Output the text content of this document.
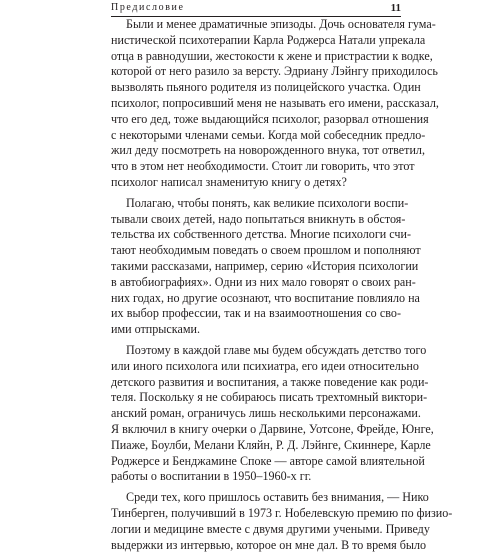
Предисловие	11
Были и менее драматичные эпизоды. Дочь основателя гума-
нистической психотерапии Карла Роджерса Натали упрекала
отца в равнодушии, жестокости к жене и пристрастии к водке,
которой от него разило за версту. Эдриану Лэйнгу приходилось
вызволять пьяного родителя из полицейского участка. Один
психолог, попросивший меня не называть его имени, рассказал,
что его дед, тоже выдающийся психолог, разорвал отношения
с некоторыми членами семьи. Когда мой собеседник предло-
жил деду посмотреть на новорожденного внука, тот ответил,
что в этом нет необходимости. Стоит ли говорить, что этот
психолог написал знаменитую книгу о детях?
Полагаю, чтобы понять, как великие психологи воспи-
тывали своих детей, надо попытаться вникнуть в обстоя-
тельства их собственного детства. Многие психологи счи-
тают необходимым поведать о своем прошлом и пополняют
такими рассказами, например, серию «История психологии
в автобиографиях». Одни из них мало говорят о своих ран-
них годах, но другие осознают, что воспитание повлияло на
их выбор профессии, так и на взаимоотношения со сво-
ими отпрысками.
Поэтому в каждой главе мы будем обсуждать детство того
или иного психолога или психиатра, его идеи относительно
детского развития и воспитания, а также поведение как роди-
теля. Поскольку я не собираюсь писать трехтомный виктори-
анский роман, ограничусь лишь несколькими персонажами.
Я включил в книгу очерки о Дарвине, Уотсоне, Фрейде, Юнге,
Пиаже, Боулби, Мелани Кляйн, Р. Д. Лэйнге, Скиннере, Карле
Роджерсе и Бенджамине Споке — авторе самой влиятельной
работы о воспитании в 1950–1960-х гг.
Среди тех, кого пришлось оставить без внимания, — Нико
Тинберген, получивший в 1973 г. Нобелевскую премию по физио-
логии и медицине вместе с двумя другими учеными. Приведу
выдержки из интервью, которое он мне дал. В то время было
